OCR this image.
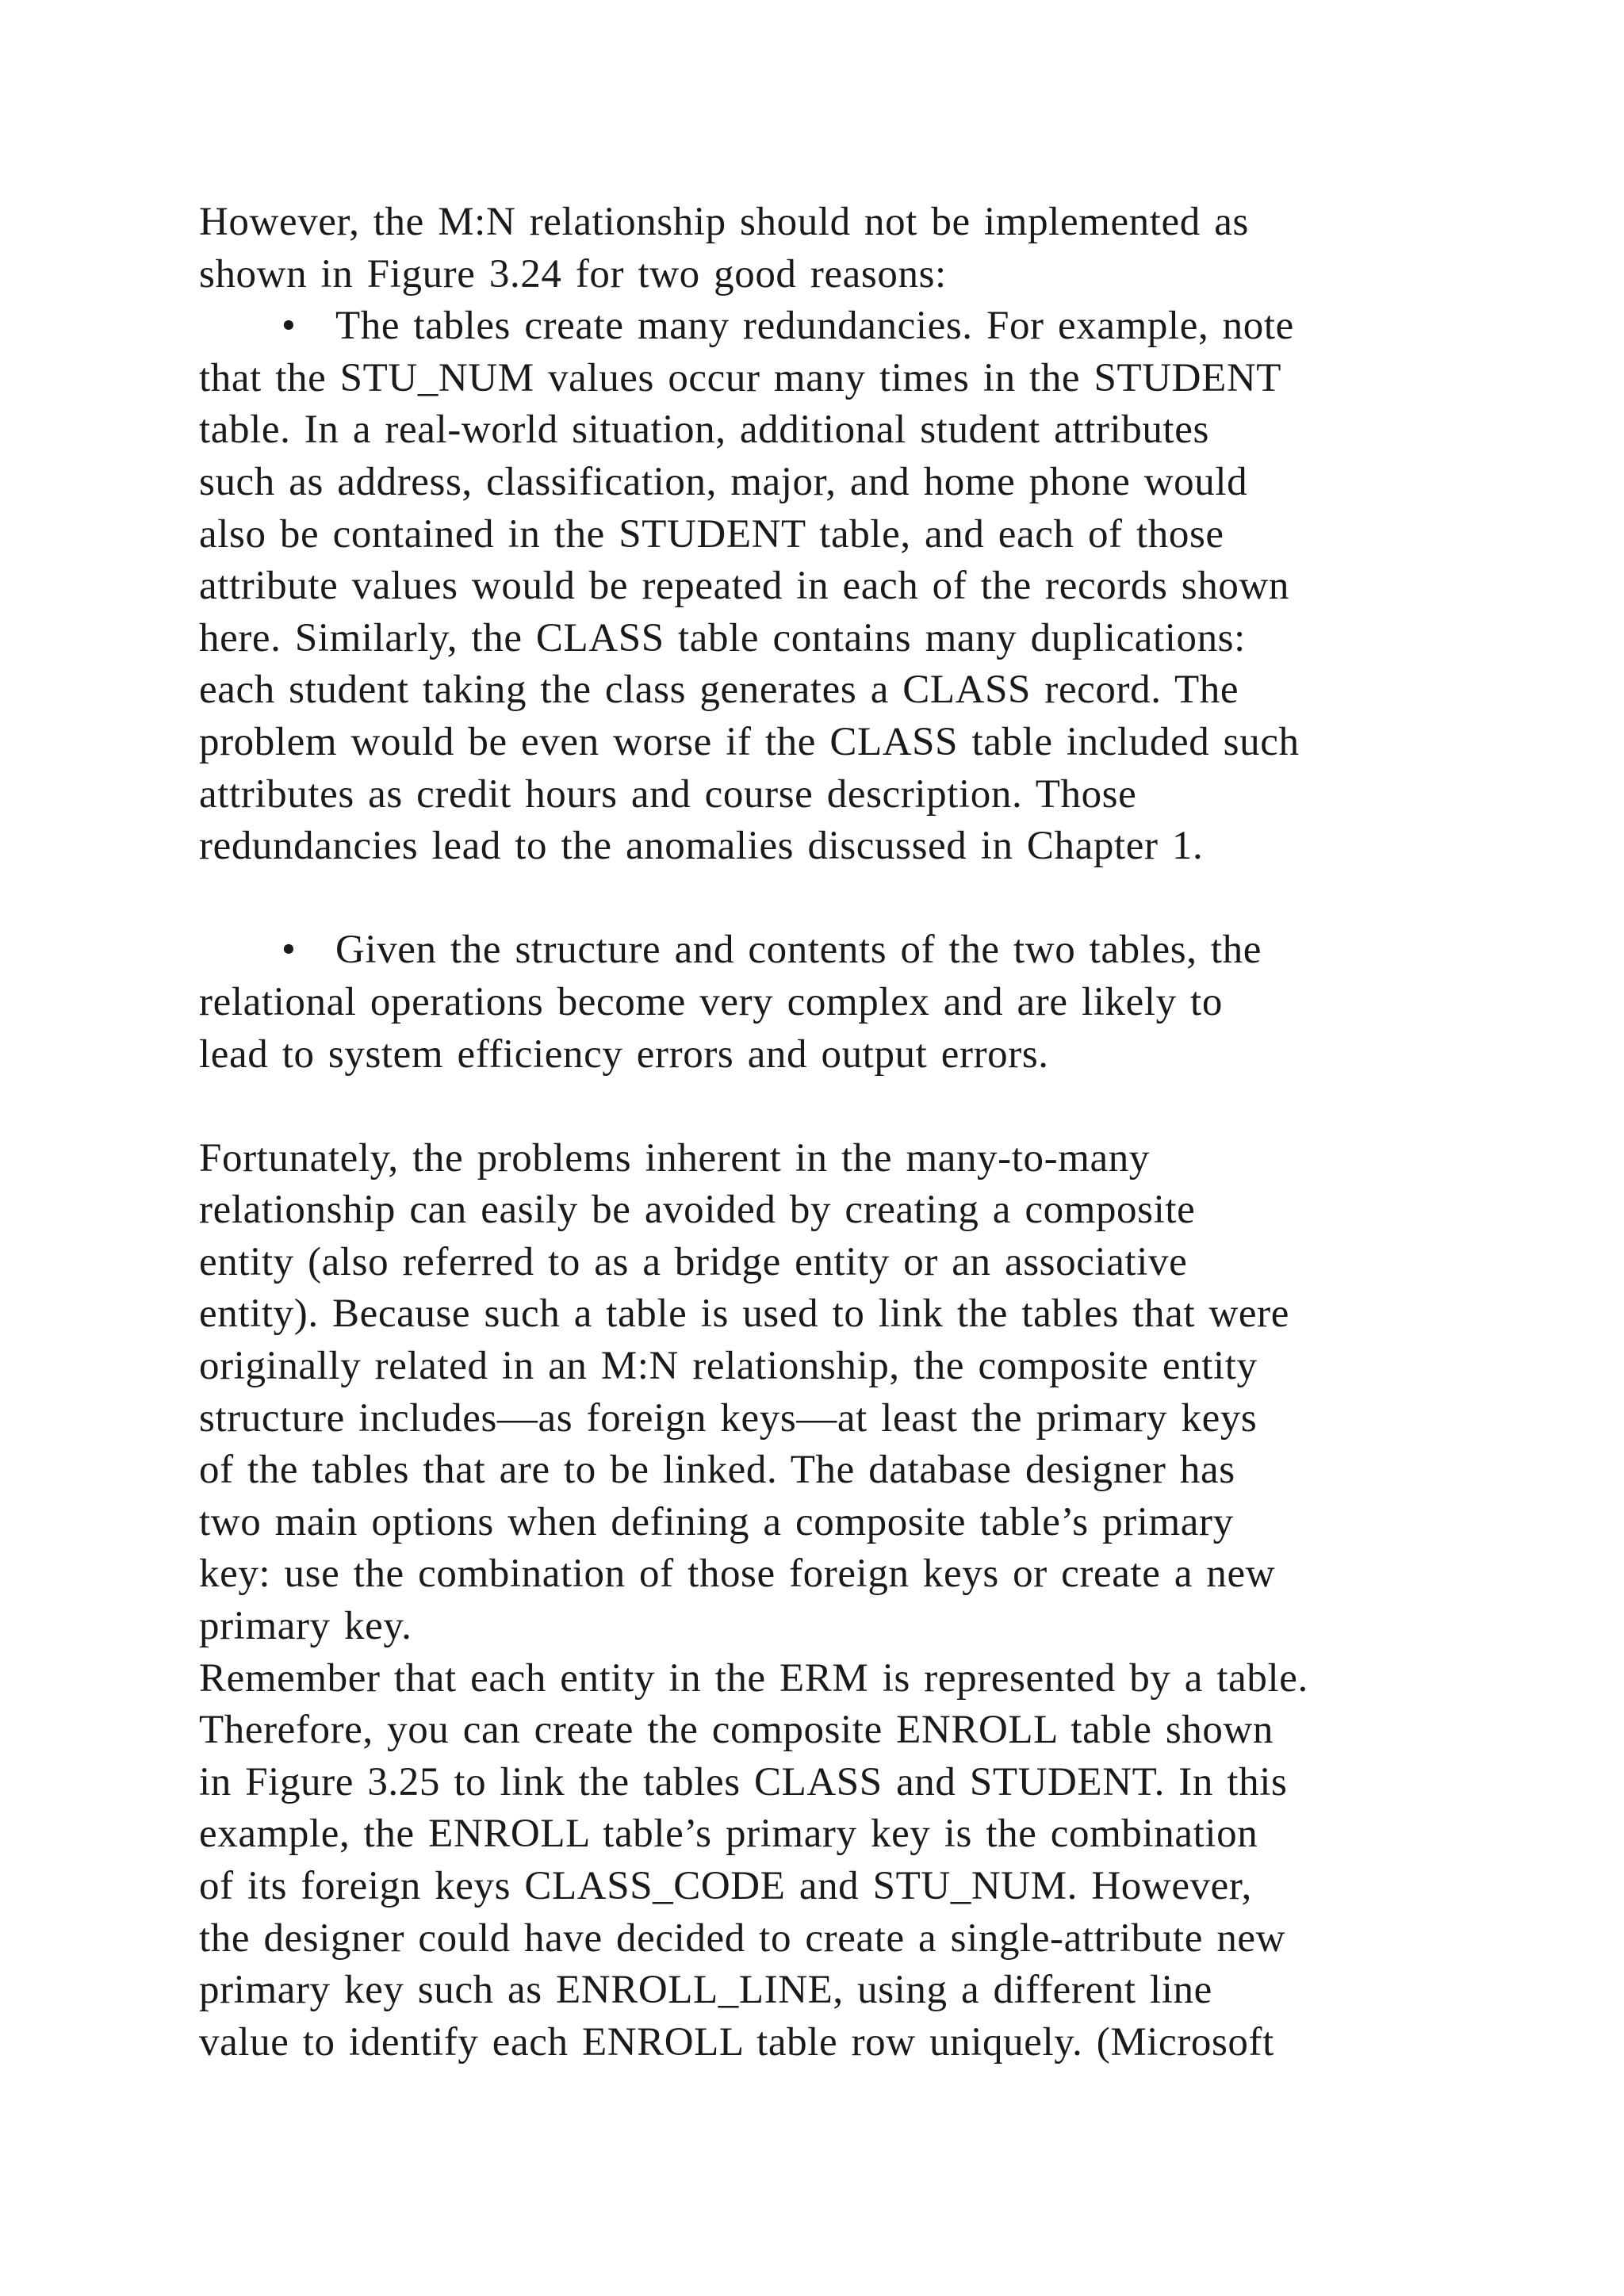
However, the M:N relationship should not be implemented as
shown in Figure 3.24 for two good reasons:
• The tables create many redundancies. For example, note
that the STU_NUM values occur many times in the STUDENT
table. In a real-world situation, additional student attributes
such as address, classification, major, and home phone would
also be contained in the STUDENT table, and each of those
attribute values would be repeated in each of the records shown
here. Similarly, the CLASS table contains many duplications:
each student taking the class generates a CLASS record. The
problem would be even worse if the CLASS table included such
attributes as credit hours and course description. Those
redundancies lead to the anomalies discussed in Chapter 1.
• Given the structure and contents of the two tables, the
relational operations become very complex and are likely to
lead to system efficiency errors and output errors.
Fortunately, the problems inherent in the many-to-many
relationship can easily be avoided by creating a composite
entity (also referred to as a bridge entity or an associative
entity). Because such a table is used to link the tables that were
originally related in an M:N relationship, the composite entity
structure includes—as foreign keys—at least the primary keys
of the tables that are to be linked. The database designer has
two main options when defining a composite table’s primary
key: use the combination of those foreign keys or create a new
primary key.
Remember that each entity in the ERM is represented by a table.
Therefore, you can create the composite ENROLL table shown
in Figure 3.25 to link the tables CLASS and STUDENT. In this
example, the ENROLL table’s primary key is the combination
of its foreign keys CLASS_CODE and STU_NUM. However,
the designer could have decided to create a single-attribute new
primary key such as ENROLL_LINE, using a different line
value to identify each ENROLL table row uniquely. (Microsoft
